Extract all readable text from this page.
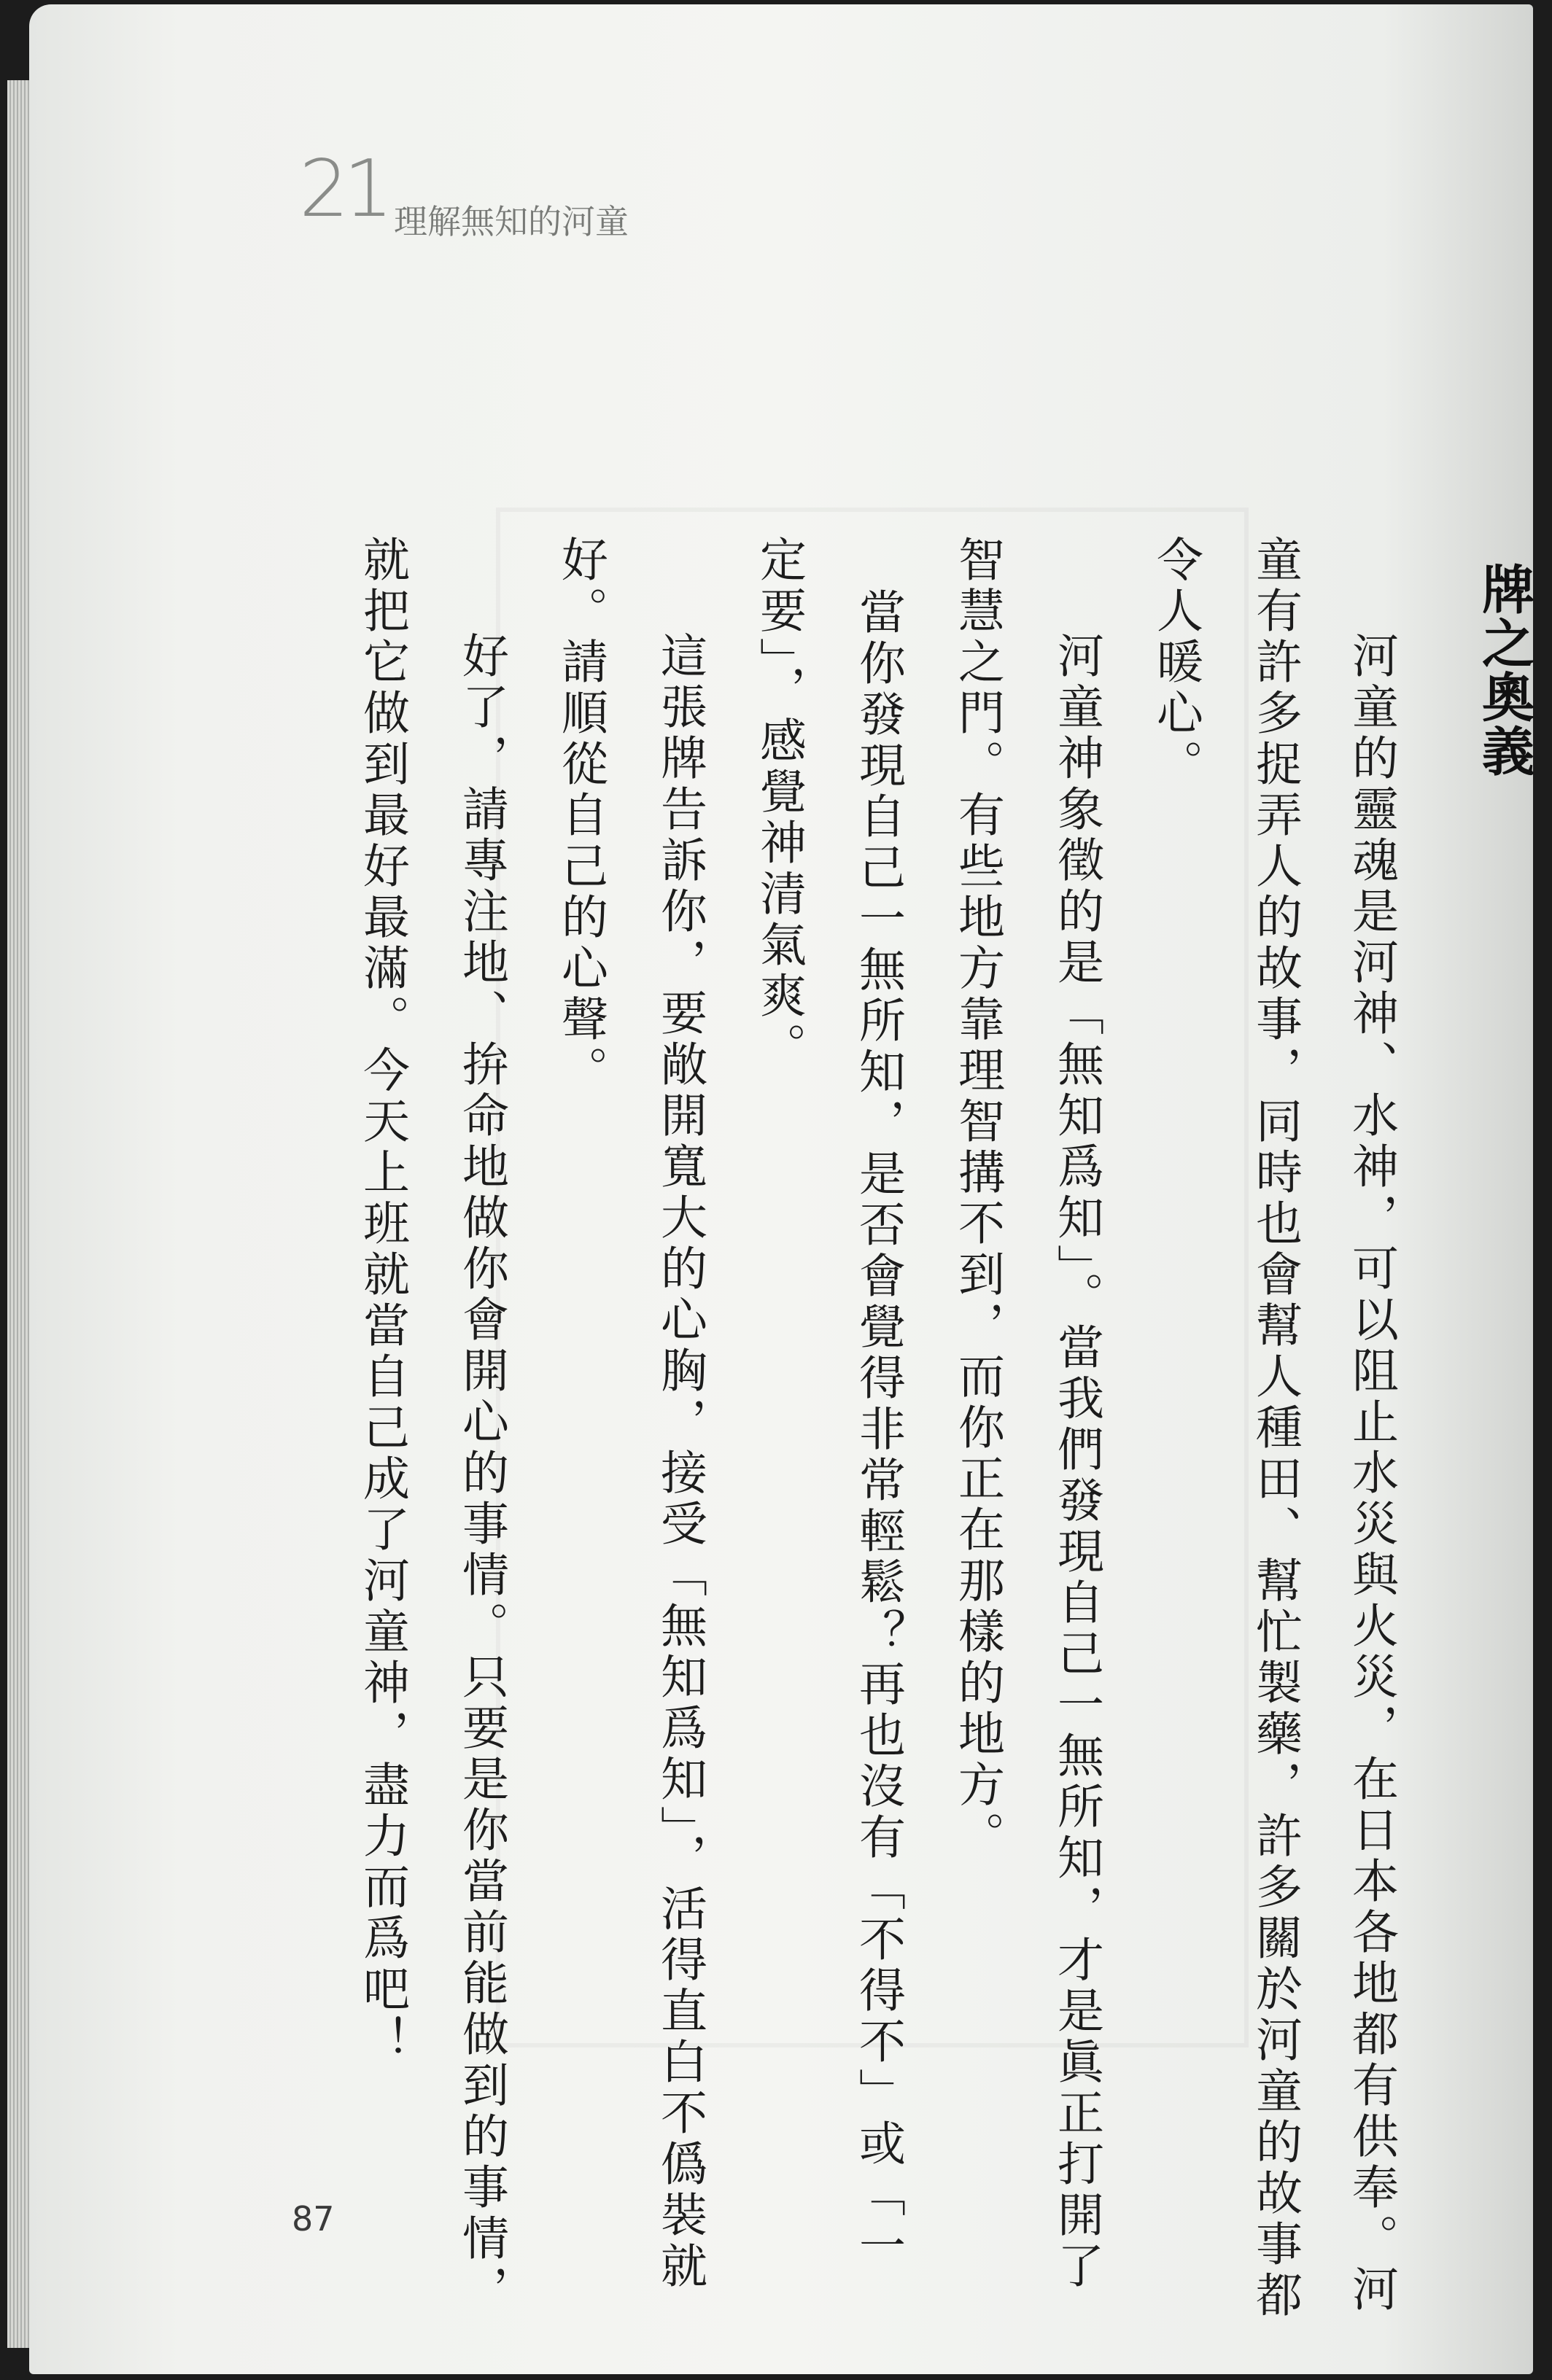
21 理解無知的河童
牌之奧義
河童的靈魂是河神、水神，可以阻止水災與火災，在日本各地都有供奉。河
童有許多捉弄人的故事，同時也會幫人種田、幫忙製藥，許多關於河童的故事都
令人暖心。
河童神象徵的是「無知爲知」。當我們發現自己一無所知，才是眞正打開了
智慧之門。有些地方靠理智搆不到，而你正在那樣的地方。
當你發現自己一無所知，是否會覺得非常輕鬆？再也沒有「不得不」或「一
定要」，感覺神清氣爽。
這張牌告訴你，要敞開寬大的心胸，接受「無知爲知」，活得直白不僞裝就
好。請順從自己的心聲。
好了，請專注地、拚命地做你會開心的事情。只要是你當前能做到的事情，
就把它做到最好最滿。今天上班就當自己成了河童神，盡力而爲吧！
87
